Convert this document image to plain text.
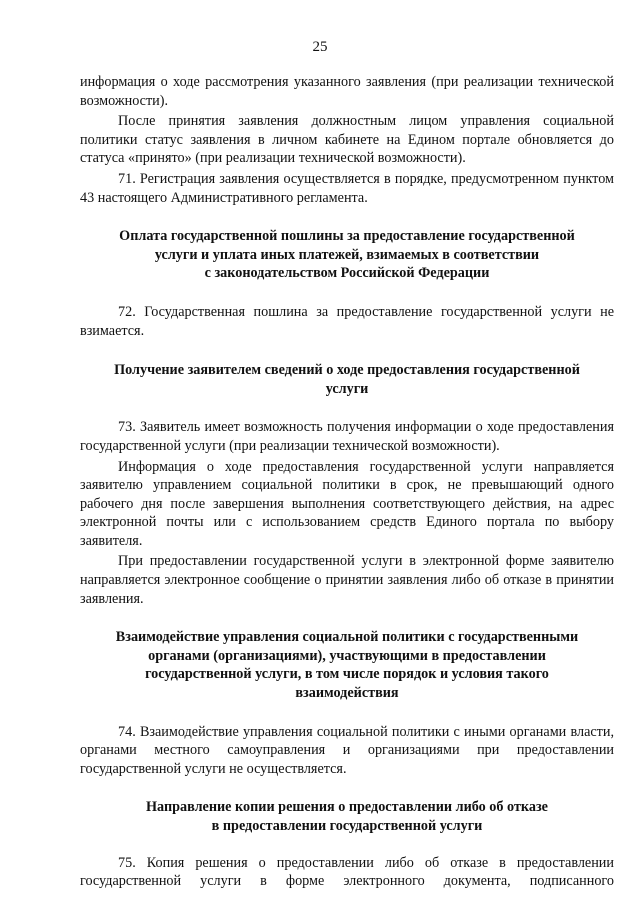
25

информация о ходе рассмотрения указанного заявления (при реализации технической возможности).

После принятия заявления должностным лицом управления социальной политики статус заявления в личном кабинете на Едином портале обновляется до статуса «принято» (при реализации технической возможности).

71. Регистрация заявления осуществляется в порядке, предусмотренном пунктом 43 настоящего Административного регламента.

Оплата государственной пошлины за предоставление государственной
услуги и уплата иных платежей, взимаемых в соответствии
с законодательством Российской Федерации

72. Государственная пошлина за предоставление государственной услуги не взимается.

Получение заявителем сведений о ходе предоставления государственной
услуги

73. Заявитель имеет возможность получения информации о ходе предоставления государственной услуги (при реализации технической возможности).

Информация о ходе предоставления государственной услуги направляется заявителю управлением социальной политики в срок, не превышающий одного рабочего дня после завершения выполнения соответствующего действия, на адрес электронной почты или с использованием средств Единого портала по выбору заявителя.

При предоставлении государственной услуги в электронной форме заявителю направляется электронное сообщение о принятии заявления либо об отказе в принятии заявления.

Взаимодействие управления социальной политики с государственными
органами (организациями), участвующими в предоставлении
государственной услуги, в том числе порядок и условия такого
взаимодействия

74. Взаимодействие управления социальной политики с иными органами власти, органами местного самоуправления и организациями при предоставлении государственной услуги не осуществляется.

Направление копии решения о предоставлении либо об отказе
в предоставлении государственной услуги

75. Копия решения о предоставлении либо об отказе в предоставлении государственной услуги в форме электронного документа, подписанного
